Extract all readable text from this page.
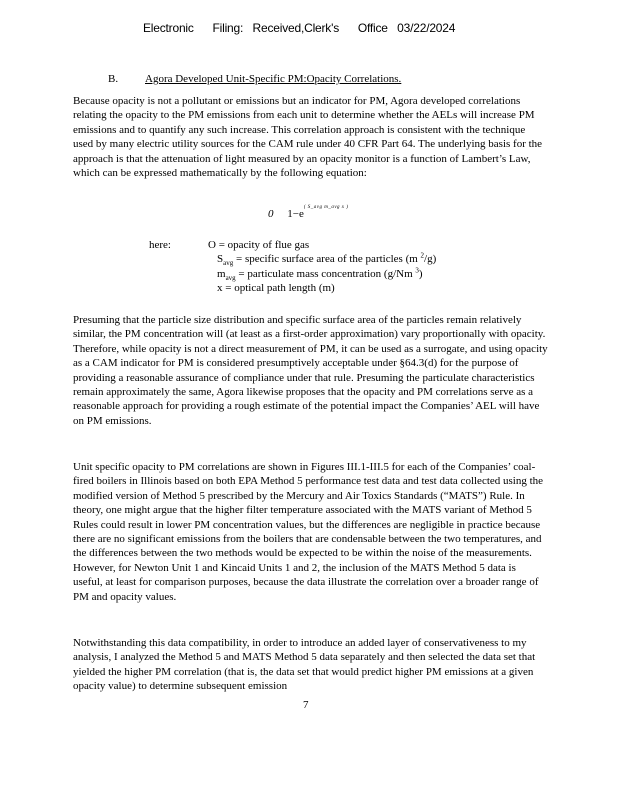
Electronic Filing: Received,Clerk's Office 03/22/2024
B. Agora Developed Unit-Specific PM:Opacity Correlations.
Because opacity is not a pollutant or emissions but an indicator for PM, Agora developed correlations relating the opacity to the PM emissions from each unit to determine whether the AELs will increase PM emissions and to quantify any such increase. This correlation approach is consistent with the technique used by many electric utility sources for the CAM rule under 40 CFR Part 64. The underlying basis for the approach is that the attenuation of light measured by an opacity monitor is a function of Lambert’s Law, which can be expressed mathematically by the following equation:
0 $1-e^{( S\_avg m\_avg x )}$
here:	O = opacity of flue gas
$S_{avg}$ = specific surface area of the particles (m $^2$/g)
$m_{avg}$ = particulate mass concentration (g/Nm $^3$)
x = optical path length (m)
Presuming that the particle size distribution and specific surface area of the particles remain relatively similar, the PM concentration will (at least as a first-order approximation) vary proportionally with opacity. Therefore, while opacity is not a direct measurement of PM, it can be used as a surrogate, and using opacity as a CAM indicator for PM is considered presumptively acceptable under §64.3(d) for the purpose of providing a reasonable assurance of compliance under that rule. Presuming the particulate characteristics remain approximately the same, Agora likewise proposes that the opacity and PM correlations serve as a reasonable approach for providing a rough estimate of the potential impact the Companies’ AEL will have on PM emissions.
Unit specific opacity to PM correlations are shown in Figures III.1-III.5 for each of the Companies’ coal-fired boilers in Illinois based on both EPA Method 5 performance test data and test data collected using the modified version of Method 5 prescribed by the Mercury and Air Toxics Standards (“MATS”) Rule. In theory, one might argue that the higher filter temperature associated with the MATS variant of Method 5 Rules could result in lower PM concentration values, but the differences are negligible in practice because there are no significant emissions from the boilers that are condensable between the two temperatures, and the differences between the two methods would be expected to be within the noise of the measurements. However, for Newton Unit 1 and Kincaid Units 1 and 2, the inclusion of the MATS Method 5 data is useful, at least for comparison purposes, because the data illustrate the correlation over a broader range of PM and opacity values.
Notwithstanding this data compatibility, in order to introduce an added layer of conservativeness to my analysis, I analyzed the Method 5 and MATS Method 5 data separately and then selected the data set that yielded the higher PM correlation (that is, the data set that would predict higher PM emissions at a given opacity value) to determine subsequent emission
7
